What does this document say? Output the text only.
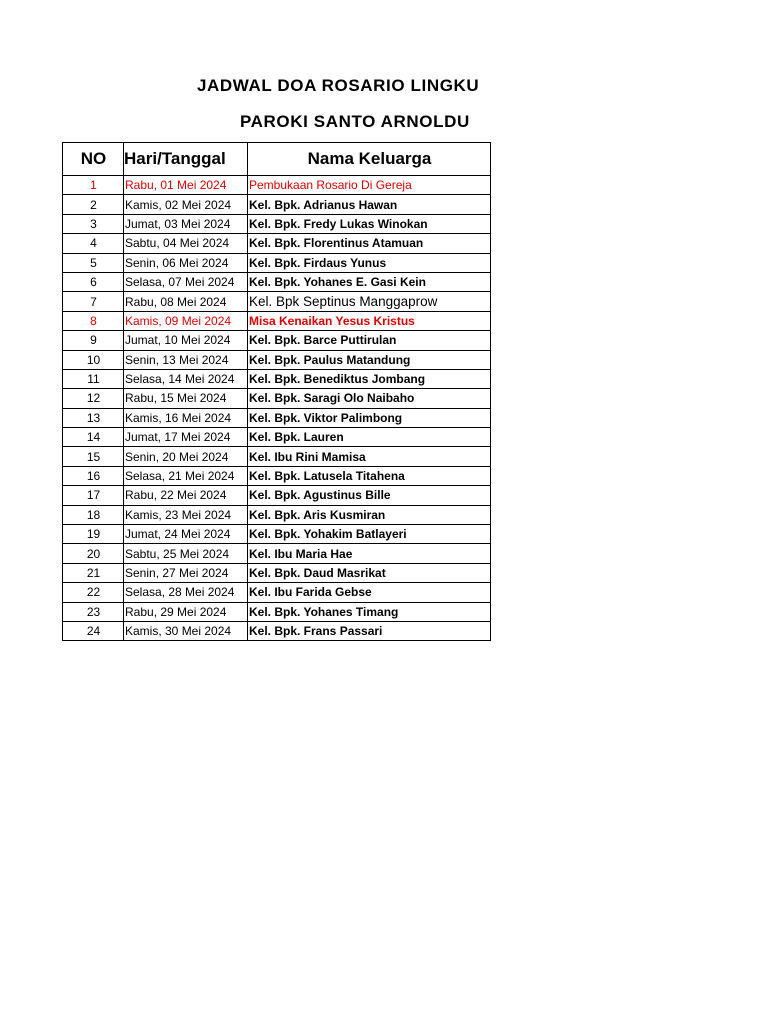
JADWAL DOA ROSARIO LINGKU
PAROKI SANTO ARNOLDU
NO	Hari/Tanggal	Nama Keluarga
1	Rabu, 01 Mei 2024	Pembukaan Rosario Di Gereja
2	Kamis, 02 Mei 2024	Kel. Bpk. Adrianus Hawan
3	Jumat, 03 Mei 2024	Kel. Bpk. Fredy Lukas Winokan
4	Sabtu, 04 Mei 2024	Kel. Bpk. Florentinus Atamuan
5	Senin, 06 Mei 2024	Kel. Bpk. Firdaus Yunus
6	Selasa, 07 Mei 2024	Kel. Bpk. Yohanes E. Gasi Kein
7	Rabu, 08 Mei 2024	Kel. Bpk Septinus Manggaprow
8	Kamis, 09 Mei 2024	Misa Kenaikan Yesus Kristus
9	Jumat, 10 Mei 2024	Kel. Bpk. Barce Puttirulan
10	Senin, 13 Mei 2024	Kel. Bpk. Paulus Matandung
11	Selasa, 14 Mei 2024	Kel. Bpk. Benediktus Jombang
12	Rabu, 15 Mei 2024	Kel. Bpk. Saragi Olo Naibaho
13	Kamis, 16 Mei 2024	Kel. Bpk. Viktor Palimbong
14	Jumat, 17 Mei 2024	Kel. Bpk. Lauren
15	Senin, 20 Mei 2024	Kel. Ibu Rini Mamisa
16	Selasa, 21 Mei 2024	Kel. Bpk. Latusela Titahena
17	Rabu, 22 Mei 2024	Kel. Bpk. Agustinus Bille
18	Kamis, 23 Mei 2024	Kel. Bpk. Aris Kusmiran
19	Jumat, 24 Mei 2024	Kel. Bpk. Yohakim Batlayeri
20	Sabtu, 25 Mei 2024	Kel. Ibu Maria Hae
21	Senin, 27 Mei 2024	Kel. Bpk. Daud Masrikat
22	Selasa, 28 Mei 2024	Kel. Ibu Farida Gebse
23	Rabu, 29 Mei 2024	Kel. Bpk. Yohanes Timang
24	Kamis, 30 Mei 2024	Kel. Bpk. Frans Passari
